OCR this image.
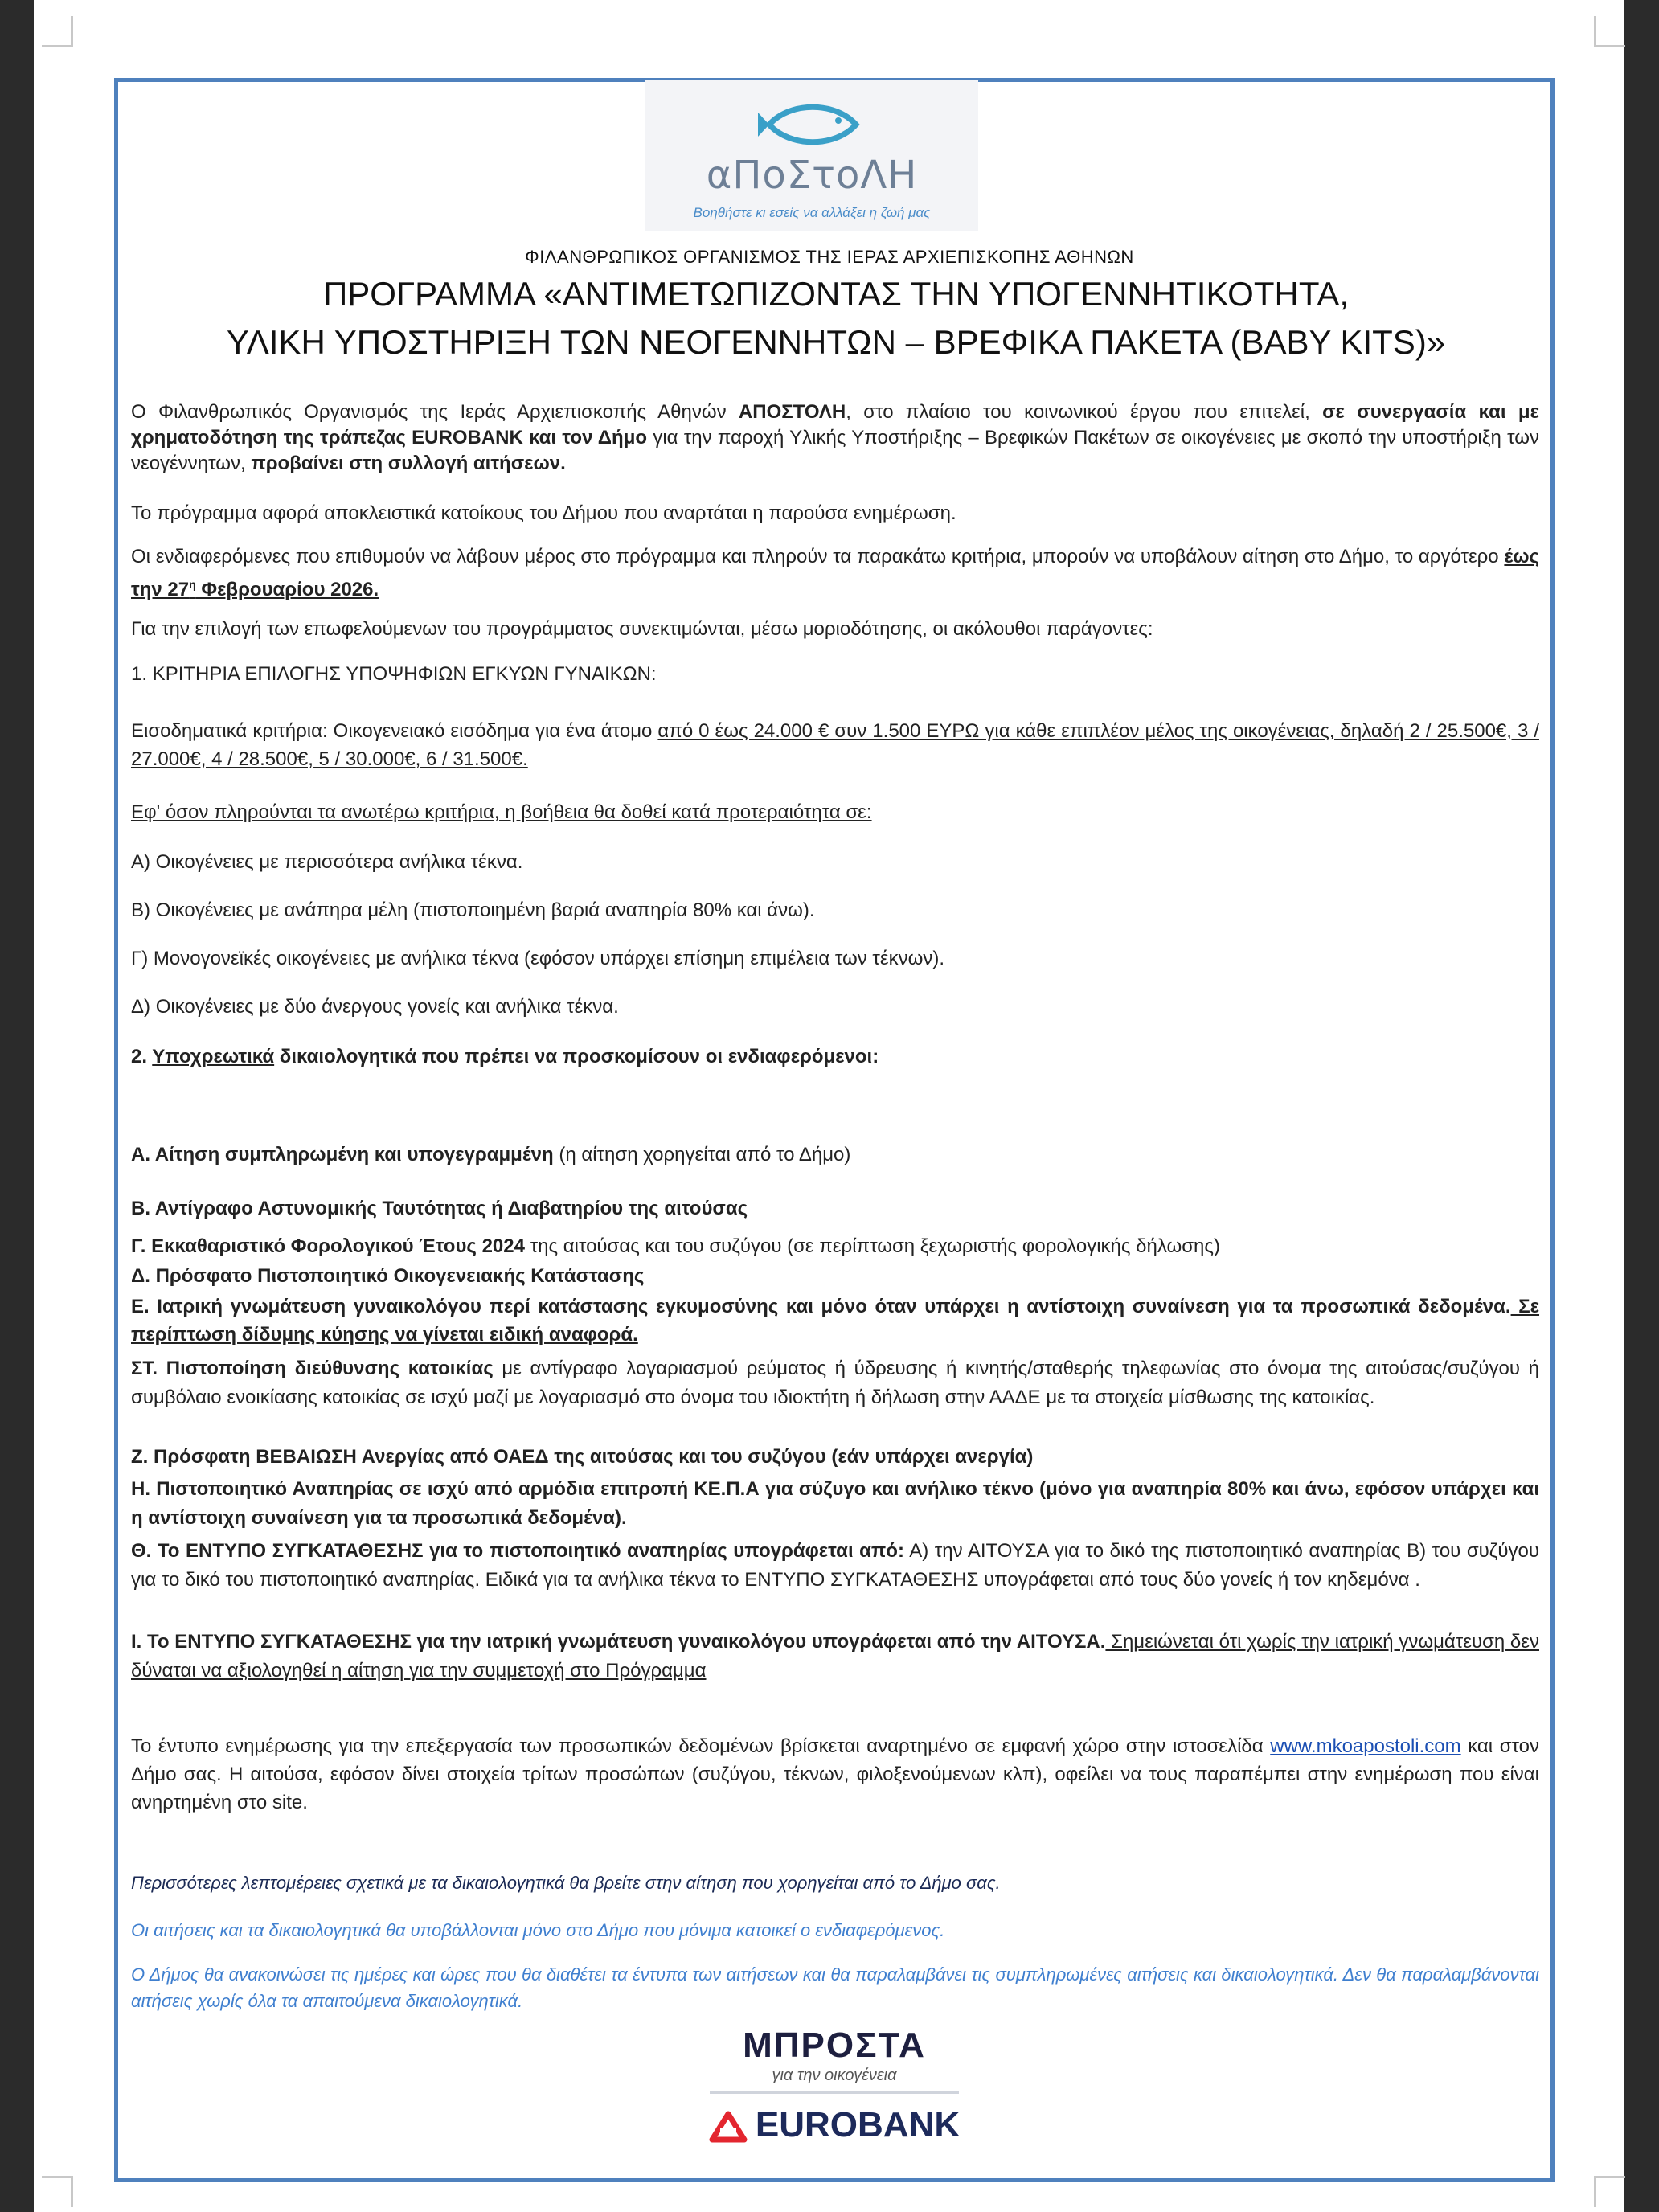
αΠοΣτοΛΗ
Βοηθήστε κι εσείς να αλλάξει η ζωή μας
ΦΙΛΑΝΘΡΩΠΙΚΟΣ ΟΡΓΑΝΙΣΜΟΣ ΤΗΣ ΙΕΡΑΣ ΑΡΧΙΕΠΙΣΚΟΠΗΣ ΑΘΗΝΩΝ
ΠΡΟΓΡΑΜΜΑ «ΑΝΤΙΜΕΤΩΠΙΖΟΝΤΑΣ ΤΗΝ ΥΠΟΓΕΝΝΗΤΙΚΟΤΗΤΑ,
ΥΛΙΚΗ ΥΠΟΣΤΗΡΙΞΗ ΤΩΝ ΝΕΟΓΕΝΝΗΤΩΝ – ΒΡΕΦΙΚΑ ΠΑΚΕΤΑ (BABY KITS)»
Ο Φιλανθρωπικός Οργανισμός της Ιεράς Αρχιεπισκοπής Αθηνών ΑΠΟΣΤΟΛΗ, στο πλαίσιο του κοινωνικού έργου που επιτελεί, σε συνεργασία και με χρηματοδότηση της τράπεζας EUROBANK και τον Δήμο για την παροχή Υλικής Υποστήριξης – Βρεφικών Πακέτων σε οικογένειες με σκοπό την υποστήριξη των νεογέννητων, προβαίνει στη συλλογή αιτήσεων.
Το πρόγραμμα αφορά αποκλειστικά κατοίκους του Δήμου που αναρτάται η παρούσα ενημέρωση.
Οι ενδιαφερόμενες που επιθυμούν να λάβουν μέρος στο πρόγραμμα και πληρούν τα παρακάτω κριτήρια, μπορούν να υποβάλουν αίτηση στο Δήμο, το αργότερο έως την $27^\eta$ Φεβρουαρίου 2026.
Για την επιλογή των επωφελούμενων του προγράμματος συνεκτιμώνται, μέσω μοριοδότησης, οι ακόλουθοι παράγοντες:
1. ΚΡΙΤΗΡΙΑ ΕΠΙΛΟΓΗΣ ΥΠΟΨΗΦΙΩΝ ΕΓΚΥΩΝ ΓΥΝΑΙΚΩΝ:
Εισοδηματικά κριτήρια: Οικογενειακό εισόδημα για ένα άτομο από 0 έως 24.000 € συν 1.500 ΕΥΡΩ για κάθε επιπλέον μέλος της οικογένειας, δηλαδή 2 / 25.500€, 3 / 27.000€, 4 / 28.500€, 5 / 30.000€, 6 / 31.500€.
Εφ' όσον πληρούνται τα ανωτέρω κριτήρια, η βοήθεια θα δοθεί κατά προτεραιότητα σε:
Α) Οικογένειες με περισσότερα ανήλικα τέκνα.
Β) Οικογένειες με ανάπηρα μέλη (πιστοποιημένη βαριά αναπηρία 80% και άνω).
Γ) Μονογονεϊκές οικογένειες με ανήλικα τέκνα (εφόσον υπάρχει επίσημη επιμέλεια των τέκνων).
Δ) Οικογένειες με δύο άνεργους γονείς και ανήλικα τέκνα.
2. Υποχρεωτικά δικαιολογητικά που πρέπει να προσκομίσουν οι ενδιαφερόμενοι:
Α. Αίτηση συμπληρωμένη και υπογεγραμμένη (η αίτηση χορηγείται από το Δήμο)
Β. Αντίγραφο Αστυνομικής Ταυτότητας ή Διαβατηρίου της αιτούσας
Γ. Εκκαθαριστικό Φορολογικού Έτους 2024 της αιτούσας και του συζύγου (σε περίπτωση ξεχωριστής φορολογικής δήλωσης)
Δ. Πρόσφατο Πιστοποιητικό Οικογενειακής Κατάστασης
Ε. Ιατρική γνωμάτευση γυναικολόγου περί κατάστασης εγκυμοσύνης και μόνο όταν υπάρχει η αντίστοιχη συναίνεση για τα προσωπικά δεδομένα. Σε περίπτωση δίδυμης κύησης να γίνεται ειδική αναφορά.
ΣΤ. Πιστοποίηση διεύθυνσης κατοικίας με αντίγραφο λογαριασμού ρεύματος ή ύδρευσης ή κινητής/σταθερής τηλεφωνίας στο όνομα της αιτούσας/συζύγου ή συμβόλαιο ενοικίασης κατοικίας σε ισχύ μαζί με λογαριασμό στο όνομα του ιδιοκτήτη ή δήλωση στην ΑΑΔΕ με τα στοιχεία μίσθωσης της κατοικίας.
Ζ. Πρόσφατη ΒΕΒΑΙΩΣΗ Ανεργίας από ΟΑΕΔ της αιτούσας και του συζύγου (εάν υπάρχει ανεργία)
Η. Πιστοποιητικό Αναπηρίας σε ισχύ από αρμόδια επιτροπή ΚΕ.Π.Α για σύζυγο και ανήλικο τέκνο (μόνο για αναπηρία 80% και άνω, εφόσον υπάρχει και η αντίστοιχη συναίνεση για τα προσωπικά δεδομένα).
Θ. Το ΕΝΤΥΠΟ ΣΥΓΚΑΤΑΘΕΣΗΣ για το πιστοποιητικό αναπηρίας υπογράφεται από: Α) την ΑΙΤΟΥΣΑ για το δικό της πιστοποιητικό αναπηρίας Β) του συζύγου για το δικό του πιστοποιητικό αναπηρίας. Ειδικά για τα ανήλικα τέκνα το ΕΝΤΥΠΟ ΣΥΓΚΑΤΑΘΕΣΗΣ υπογράφεται από τους δύο γονείς ή τον κηδεμόνα .
Ι. Το ΕΝΤΥΠΟ ΣΥΓΚΑΤΑΘΕΣΗΣ για την ιατρική γνωμάτευση γυναικολόγου υπογράφεται από την ΑΙΤΟΥΣΑ. Σημειώνεται ότι χωρίς την ιατρική γνωμάτευση δεν δύναται να αξιολογηθεί η αίτηση για την συμμετοχή στο Πρόγραμμα
Το έντυπο ενημέρωσης για την επεξεργασία των προσωπικών δεδομένων βρίσκεται αναρτημένο σε εμφανή χώρο στην ιστοσελίδα www.mkoapostoli.com και στον Δήμο σας. Η αιτούσα, εφόσον δίνει στοιχεία τρίτων προσώπων (συζύγου, τέκνων, φιλοξενούμενων κλπ), οφείλει να τους παραπέμπει στην ενημέρωση που είναι ανηρτημένη στο site.
Περισσότερες λεπτομέρειες σχετικά με τα δικαιολογητικά θα βρείτε στην αίτηση που χορηγείται από το Δήμο σας.
Οι αιτήσεις και τα δικαιολογητικά θα υποβάλλονται μόνο στο Δήμο που μόνιμα κατοικεί ο ενδιαφερόμενος.
Ο Δήμος θα ανακοινώσει τις ημέρες και ώρες που θα διαθέτει τα έντυπα των αιτήσεων και θα παραλαμβάνει τις συμπληρωμένες αιτήσεις και δικαιολογητικά. Δεν θα παραλαμβάνονται αιτήσεις χωρίς όλα τα απαιτούμενα δικαιολογητικά.
ΜΠΡΟΣΤΑ
για την οικογένεια
EUROBANK
